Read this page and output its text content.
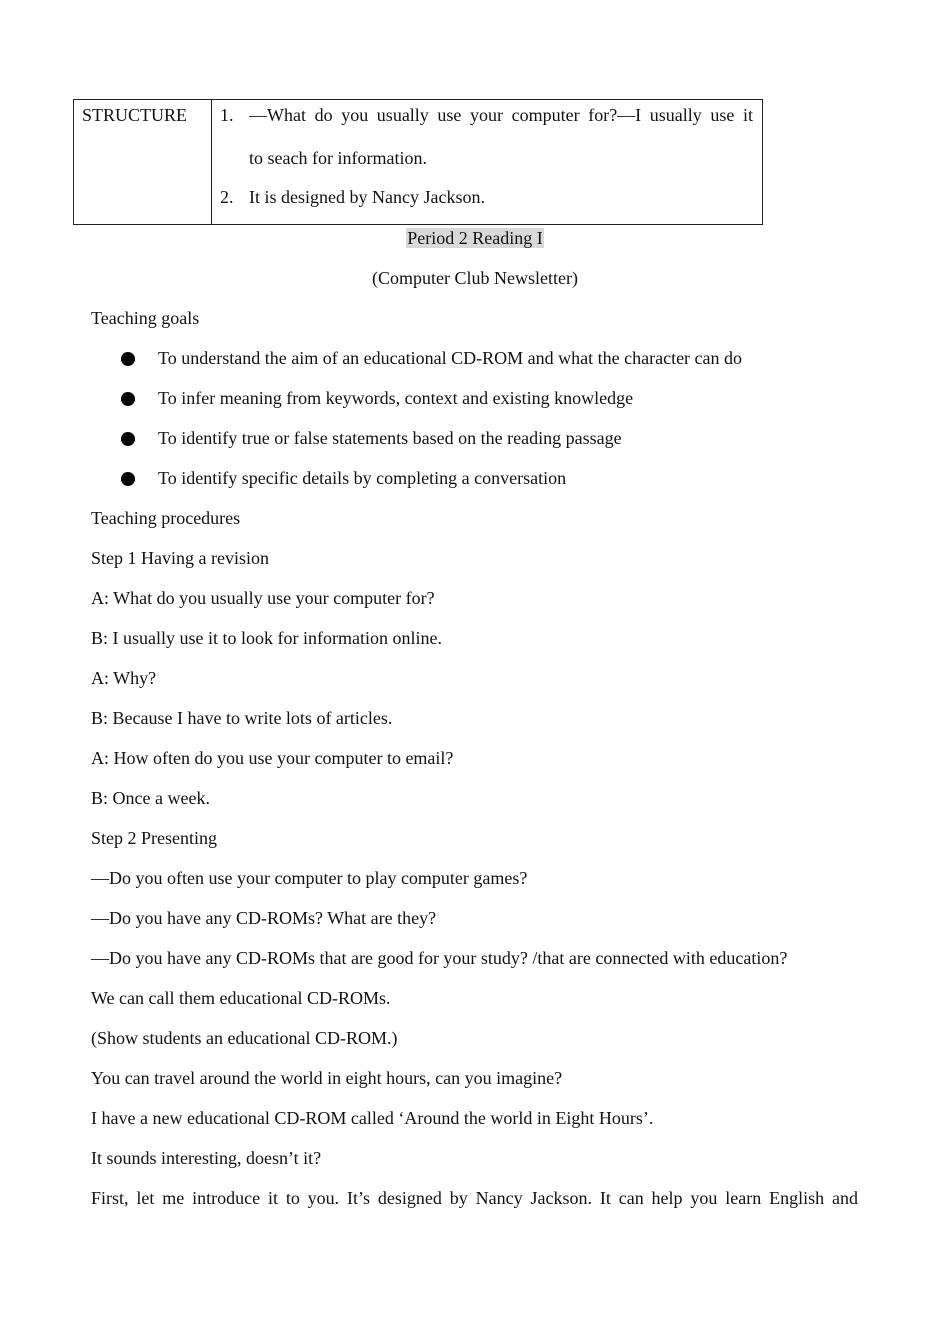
STRUCTURE	1. —What do you usually use your computer for?—I usually use it
to seach for information.
2. It is designed by Nancy Jackson.
Period 2 Reading I
(Computer Club Newsletter)
Teaching goals
To understand the aim of an educational CD-ROM and what the character can do
To infer meaning from keywords, context and existing knowledge
To identify true or false statements based on the reading passage
To identify specific details by completing a conversation
Teaching procedures
Step 1 Having a revision
A: What do you usually use your computer for?
B: I usually use it to look for information online.
A: Why?
B: Because I have to write lots of articles.
A: How often do you use your computer to email?
B: Once a week.
Step 2 Presenting
—Do you often use your computer to play computer games?
—Do you have any CD-ROMs? What are they?
—Do you have any CD-ROMs that are good for your study? /that are connected with education?
We can call them educational CD-ROMs.
(Show students an educational CD-ROM.)
You can travel around the world in eight hours, can you imagine?
I have a new educational CD-ROM called ‘Around the world in Eight Hours’.
It sounds interesting, doesn’t it?
First, let me introduce it to you. It’s designed by Nancy Jackson. It can help you learn English and
